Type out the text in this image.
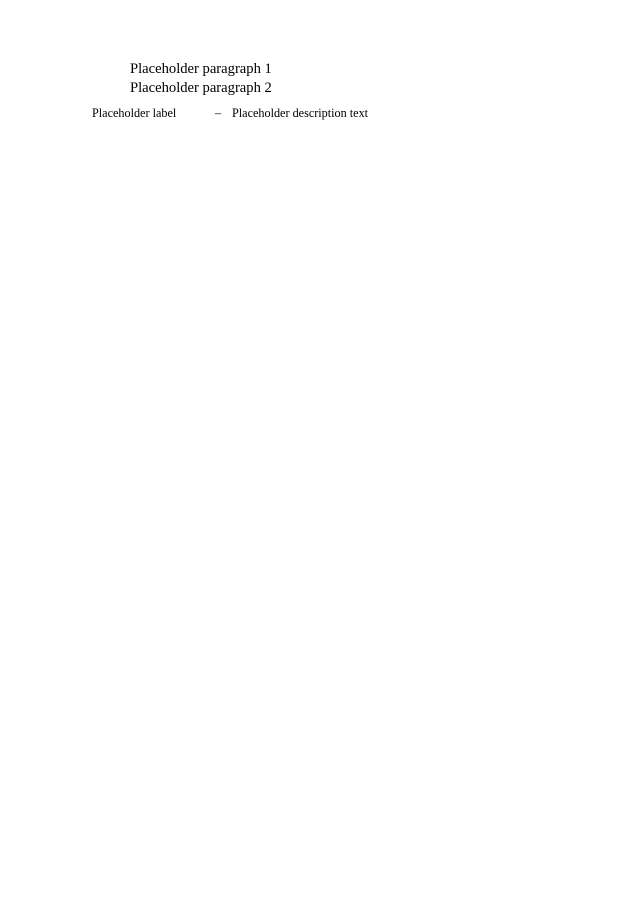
Placeholder paragraph 1

Placeholder paragraph 2

Placeholder label	– Placeholder description text
